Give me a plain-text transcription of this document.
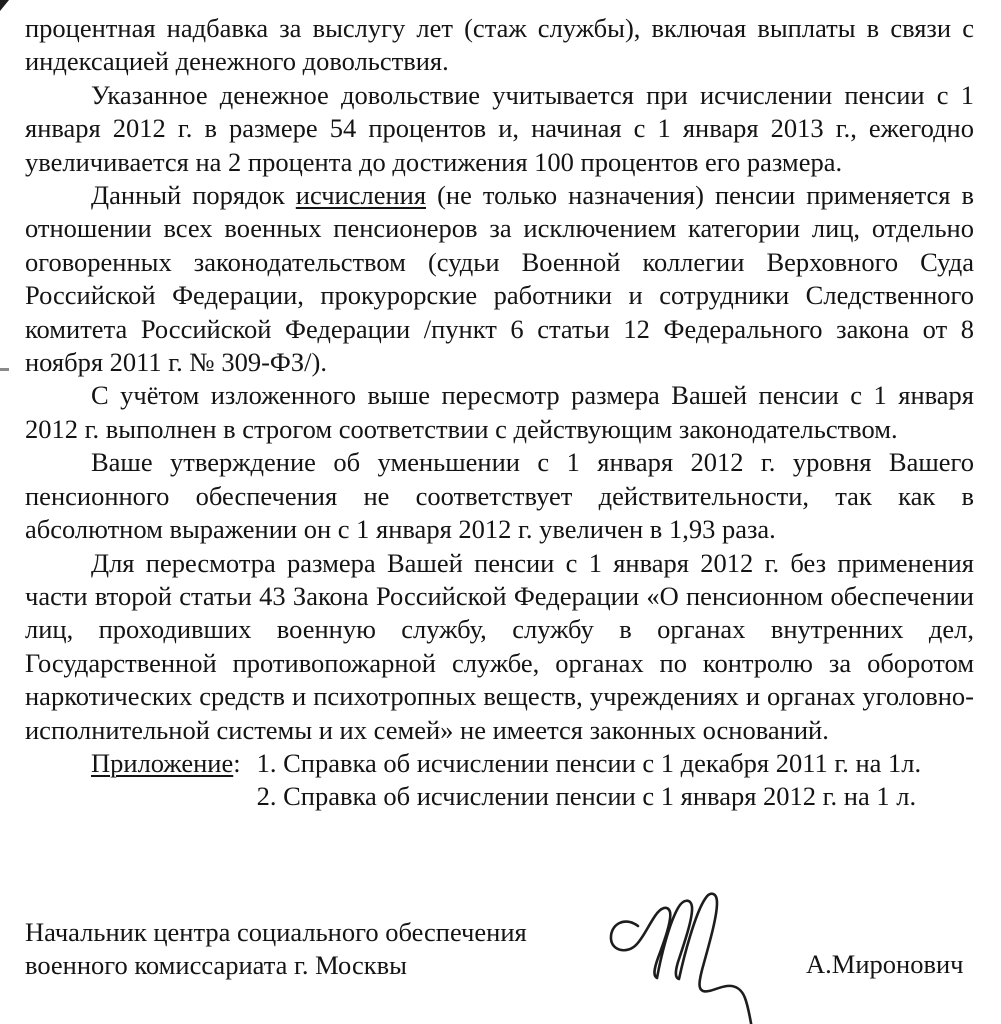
процентная надбавка за выслугу лет (стаж службы), включая выплаты в связи с индексацией денежного довольствия.

Указанное денежное довольствие учитывается при исчислении пенсии с 1 января 2012 г. в размере 54 процентов и, начиная с 1 января 2013 г., ежегодно увеличивается на 2 процента до достижения 100 процентов его размера.

Данный порядок исчисления (не только назначения) пенсии применяется в отношении всех военных пенсионеров за исключением категории лиц, отдельно оговоренных законодательством (судьи Военной коллегии Верховного Суда Российской Федерации, прокурорские работники и сотрудники Следственного комитета Российской Федерации /пункт 6 статьи 12 Федерального закона от 8 ноября 2011 г. № 309-ФЗ/).

С учётом изложенного выше пересмотр размера Вашей пенсии с 1 января 2012 г. выполнен в строгом соответствии с действующим законодательством.

Ваше утверждение об уменьшении с 1 января 2012 г. уровня Вашего пенсионного обеспечения не соответствует действительности, так как в абсолютном выражении он с 1 января 2012 г. увеличен в 1,93 раза.

Для пересмотра размера Вашей пенсии с 1 января 2012 г. без применения части второй статьи 43 Закона Российской Федерации «О пенсионном обеспечении лиц, проходивших военную службу, службу в органах внутренних дел, Государственной противопожарной службе, органах по контролю за оборотом наркотических средств и психотропных веществ, учреждениях и органах уголовно-исполнительной системы и их семей» не имеется законных оснований.

Приложение: 1. Справка об исчислении пенсии с 1 декабря 2011 г. на 1л.
2. Справка об исчислении пенсии с 1 января 2012 г. на 1 л.
Начальник центра социального обеспечения
военного комиссариата г. Москвы	А.Миронович
